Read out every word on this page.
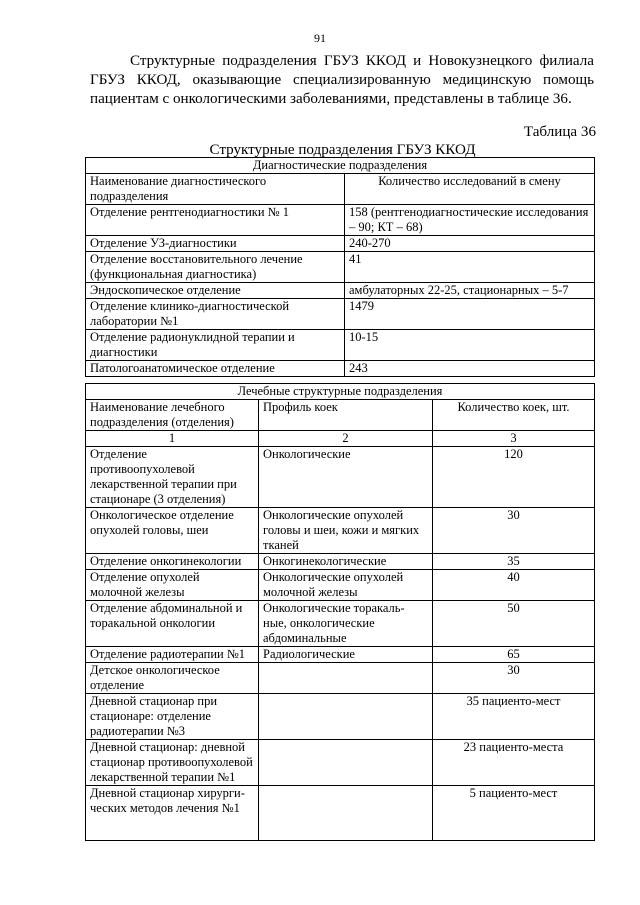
91

Структурные подразделения ГБУЗ ККОД и Новокузнецкого филиала ГБУЗ ККОД, оказывающие специализированную медицинскую помощь пациентам с онкологическими заболеваниями, представлены в таблице 36.

Таблица 36
Структурные подразделения ГБУЗ ККОД
Диагностические подразделения	
Наименование диагностического подразделения	Количество исследований в смену
Отделение рентгенодиагностики № 1	158 (рентгенодиагностические исследования – 90; КТ – 68)
Отделение УЗ-диагностики	240-270
Отделение восстановительного лечение (функциональная диагностика)	41
Эндоскопическое отделение	амбулаторных 22-25, стационарных – 5-7
Отделение клинико-диагностической лаборатории №1	1479
Отделение радионуклидной терапии и диагностики	10-15
Патологоанатомическое отделение	243
Лечебные структурные подразделения		
Наименование лечебного подразделения (отделения)	Профиль коек	Количество коек, шт.
1	2	3
Отделение противоопухолевой лекарственной терапии при стационаре (3 отделения)	Онкологические	120
Онкологическое отделение опухолей головы, шеи	Онкологические опухолей головы и шеи, кожи и мягких тканей	30
Отделение онкогинекологии	Онкогинекологические	35
Отделение опухолей молочной железы	Онкологические опухолей молочной железы	40
Отделение абдоминальной и торакальной онкологии	Онкологические торакаль-ные, онкологические абдоминальные	50
Отделение радиотерапии №1	Радиологические	65
Детское онкологическое отделение		30
Дневной стационар при стационаре: отделение радиотерапии №3		35 пациенто-мест
Дневной стационар: дневной стационар противоопухолевой лекарственной терапии №1		23 пациенто-места
Дневной стационар хирурги-ческих методов лечения №1		5 пациенто-мест
